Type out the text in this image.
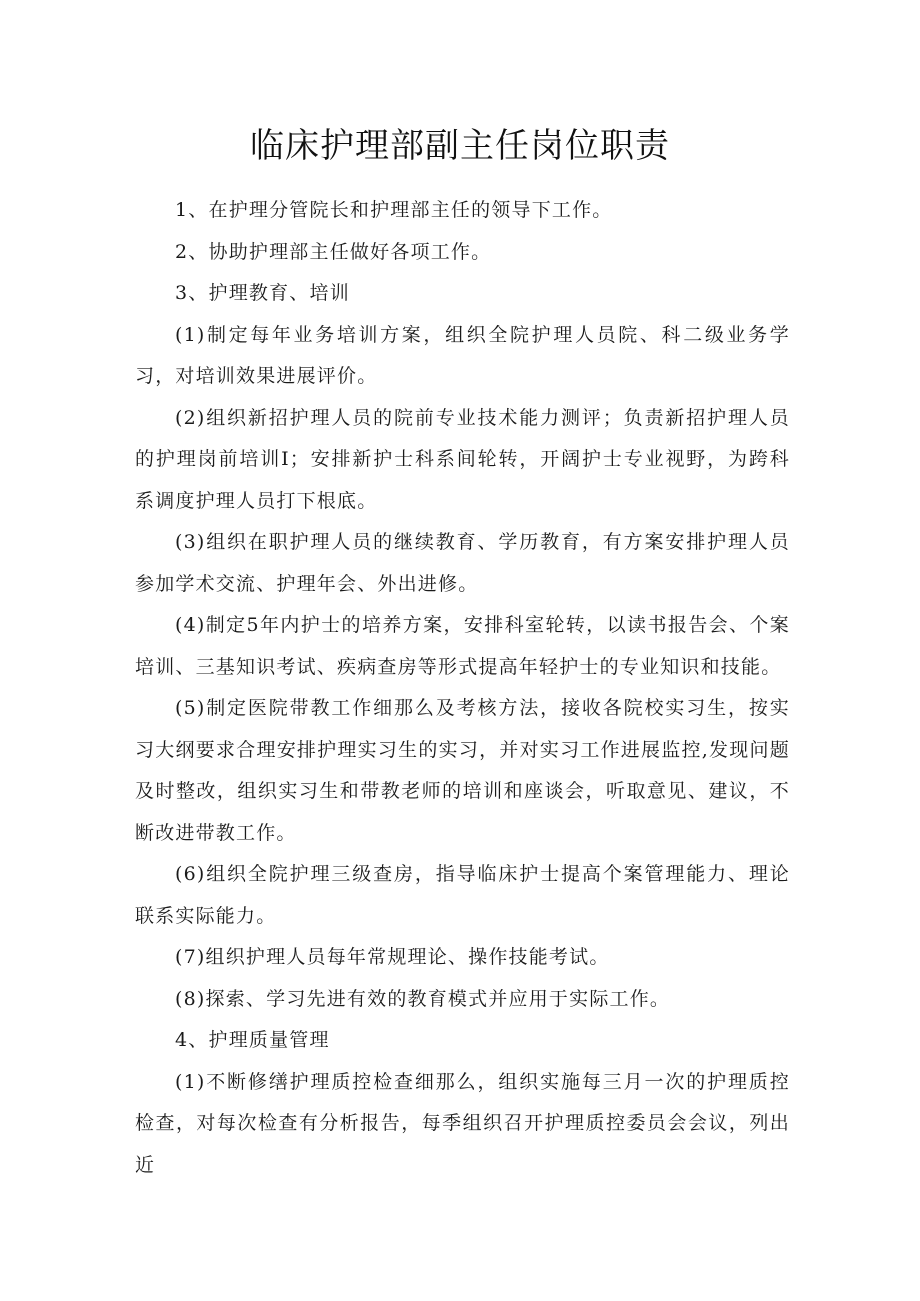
临床护理部副主任岗位职责

1、在护理分管院长和护理部主任的领导下工作。

2、协助护理部主任做好各项工作。

3、护理教育、培训

(1)制定每年业务培训方案，组织全院护理人员院、科二级业务学习，对培训效果进展评价。

(2)组织新招护理人员的院前专业技术能力测评；负责新招护理人员的护理岗前培训I；安排新护士科系间轮转，开阔护士专业视野，为跨科系调度护理人员打下根底。

(3)组织在职护理人员的继续教育、学历教育，有方案安排护理人员参加学术交流、护理年会、外出进修。

(4)制定5年内护士的培养方案，安排科室轮转，以读书报告会、个案培训、三基知识考试、疾病查房等形式提高年轻护士的专业知识和技能。

(5)制定医院带教工作细那么及考核方法，接收各院校实习生，按实习大纲要求合理安排护理实习生的实习，并对实习工作进展监控,发现问题及时整改，组织实习生和带教老师的培训和座谈会，听取意见、建议，不断改进带教工作。

(6)组织全院护理三级查房，指导临床护士提高个案管理能力、理论联系实际能力。

(7)组织护理人员每年常规理论、操作技能考试。

(8)探索、学习先进有效的教育模式并应用于实际工作。

4、护理质量管理

(1)不断修缮护理质控检查细那么，组织实施每三月一次的护理质控检查，对每次检查有分析报告，每季组织召开护理质控委员会会议，列出近
